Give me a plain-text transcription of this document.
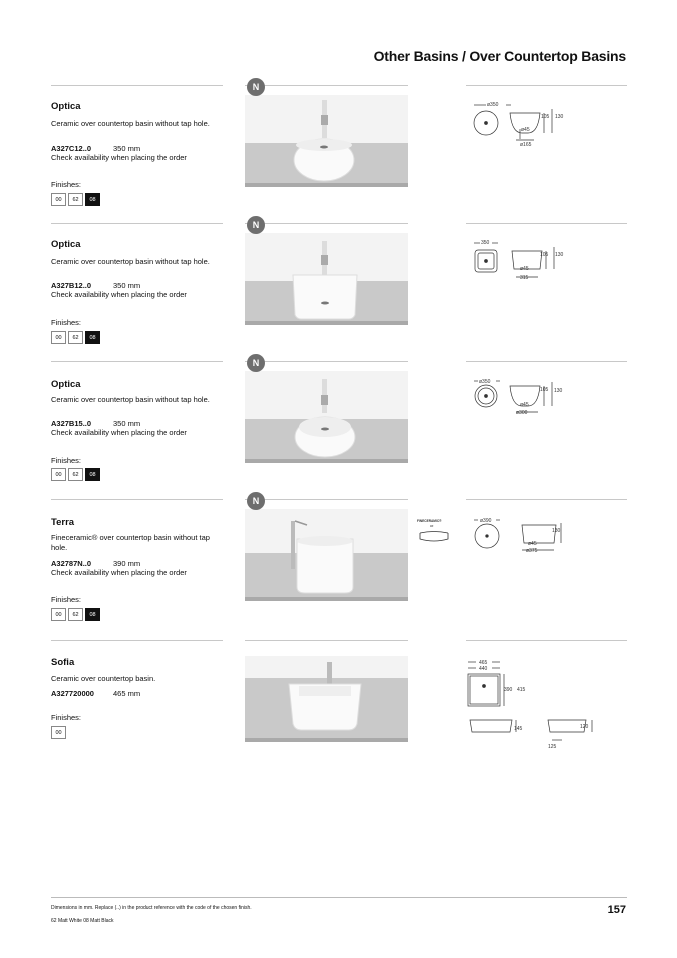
Other Basins / Over Countertop Basins
Optica
Ceramic over countertop basin without tap hole.
A327C12..0	350 mm
Check availability when placing the order
Finishes:
00	62	08
N
ø350
105 130
ø45
ø165
Optica
Ceramic over countertop basin without tap hole.
A327B12..0	350 mm
Check availability when placing the order
Finishes:
00	62	08
N
350
105 130
ø45
315
Optica
Ceramic over countertop basin without tap hole.
A327B15..0	350 mm
Check availability when placing the order
Finishes:
00	62	08
N
ø350
105 130
ø45
ø300
Terra
Fineceramic® over countertop basin without tap hole.
A32787N..0	390 mm
Check availability when placing the order
Finishes:
00	62	08
N
FINECERAMIC®
##
ø390
130
ø45
ø375
Sofia
Ceramic over countertop basin.
A327720000	465 mm
Finishes:
00
465
440
390 415
145	120
125
Dimensions in mm. Replace (..) in the product reference with the code of the chosen finish.
62 Matt White 08 Matt Black
157
